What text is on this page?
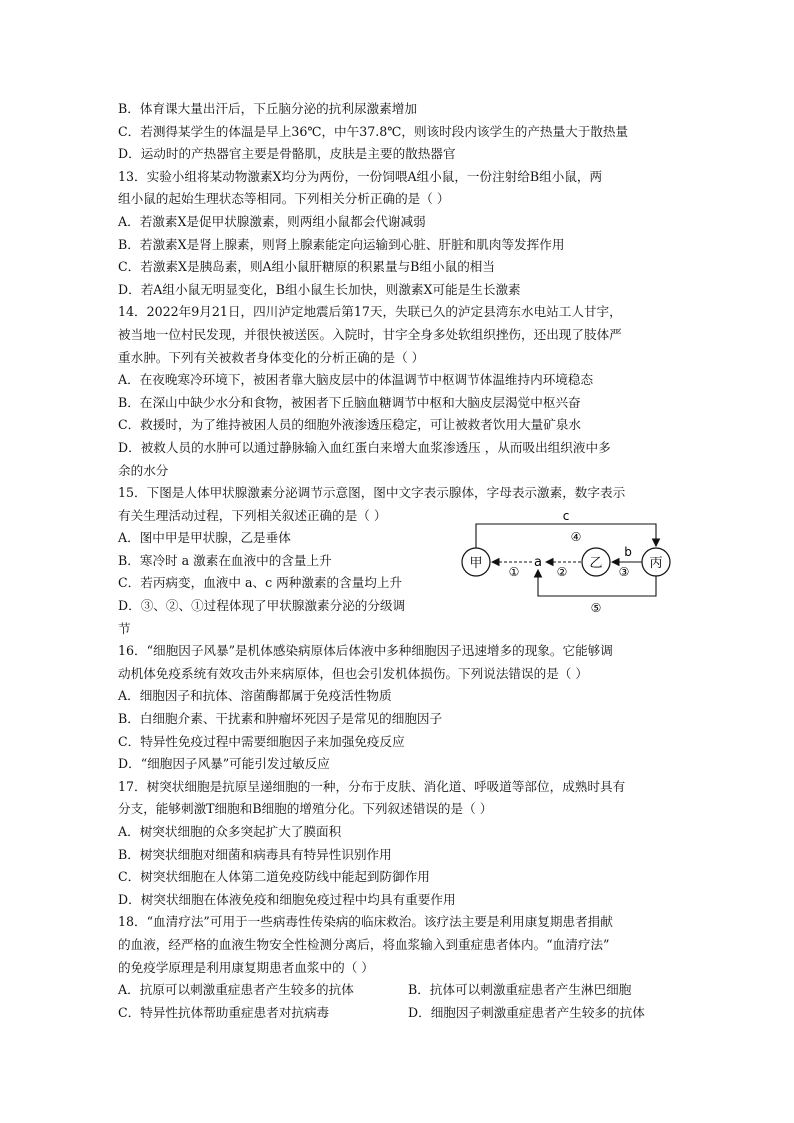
B．体育课大量出汗后，下丘脑分泌的抗利尿激素增加
C．若测得某学生的体温是早上36℃，中午37.8℃，则该时段内该学生的产热量大于散热量
D．运动时的产热器官主要是骨骼肌，皮肤是主要的散热器官
13．实验小组将某动物激素X均分为两份，一份饲喂A组小鼠，一份注射给B组小鼠，两
组小鼠的起始生理状态等相同。下列相关分析正确的是（ ）
A．若激素X是促甲状腺激素，则两组小鼠都会代谢减弱
B．若激素X是肾上腺素，则肾上腺素能定向运输到心脏、肝脏和肌肉等发挥作用
C．若激素X是胰岛素，则A组小鼠肝糖原的积累量与B组小鼠的相当
D．若A组小鼠无明显变化，B组小鼠生长加快，则激素X可能是生长激素
14．2022年9月21日，四川泸定地震后第17天，失联已久的泸定县湾东水电站工人甘宇，
被当地一位村民发现，并很快被送医。入院时，甘宇全身多处软组织挫伤，还出现了肢体严
重水肿。下列有关被救者身体变化的分析正确的是（ ）
A．在夜晚寒冷环境下，被困者靠大脑皮层中的体温调节中枢调节体温维持内环境稳态
B．在深山中缺少水分和食物，被困者下丘脑血糖调节中枢和大脑皮层渴觉中枢兴奋
C．救援时，为了维持被困人员的细胞外液渗透压稳定，可让被救者饮用大量矿泉水
D．被救人员的水肿可以通过静脉输入血红蛋白来增大血浆渗透压 ，从而吸出组织液中多
余的水分
15．下图是人体甲状腺激素分泌调节示意图，图中文字表示腺体，字母表示激素，数字表示
有关生理活动过程，下列相关叙述正确的是（ ）
A．图中甲是甲状腺，乙是垂体
B．寒冷时 a 激素在血液中的含量上升
C．若丙病变，血液中 a、c 两种激素的含量均上升
D．③、②、①过程体现了甲状腺激素分泌的分级调
节
16．“细胞因子风暴”是机体感染病原体后体液中多种细胞因子迅速增多的现象。它能够调
动机体免疫系统有效攻击外来病原体，但也会引发机体损伤。下列说法错误的是（ ）
A．细胞因子和抗体、溶菌酶都属于免疫活性物质
B．白细胞介素、干扰素和肿瘤坏死因子是常见的细胞因子
C．特异性免疫过程中需要细胞因子来加强免疫反应
D．“细胞因子风暴”可能引发过敏反应
17．树突状细胞是抗原呈递细胞的一种，分布于皮肤、消化道、呼吸道等部位，成熟时具有
分支，能够刺激T细胞和B细胞的增殖分化。下列叙述错误的是（ ）
A．树突状细胞的众多突起扩大了膜面积
B．树突状细胞对细菌和病毒具有特异性识别作用
C．树突状细胞在人体第二道免疫防线中能起到防御作用
D．树突状细胞在体液免疫和细胞免疫过程中均具有重要作用
18．“血清疗法”可用于一些病毒性传染病的临床救治。该疗法主要是利用康复期患者捐献
的血液，经严格的血液生物安全性检测分离后，将血浆输入到重症患者体内。“血清疗法”
的免疫学原理是利用康复期患者血浆中的（ ）
A．抗原可以刺激重症患者产生较多的抗体	B．抗体可以刺激重症患者产生淋巴细胞
C．特异性抗体帮助重症患者对抗病毒	D．细胞因子刺激重症患者产生较多的抗体
甲	乙	丙
c
④
a
①	②
b
③
⑤
